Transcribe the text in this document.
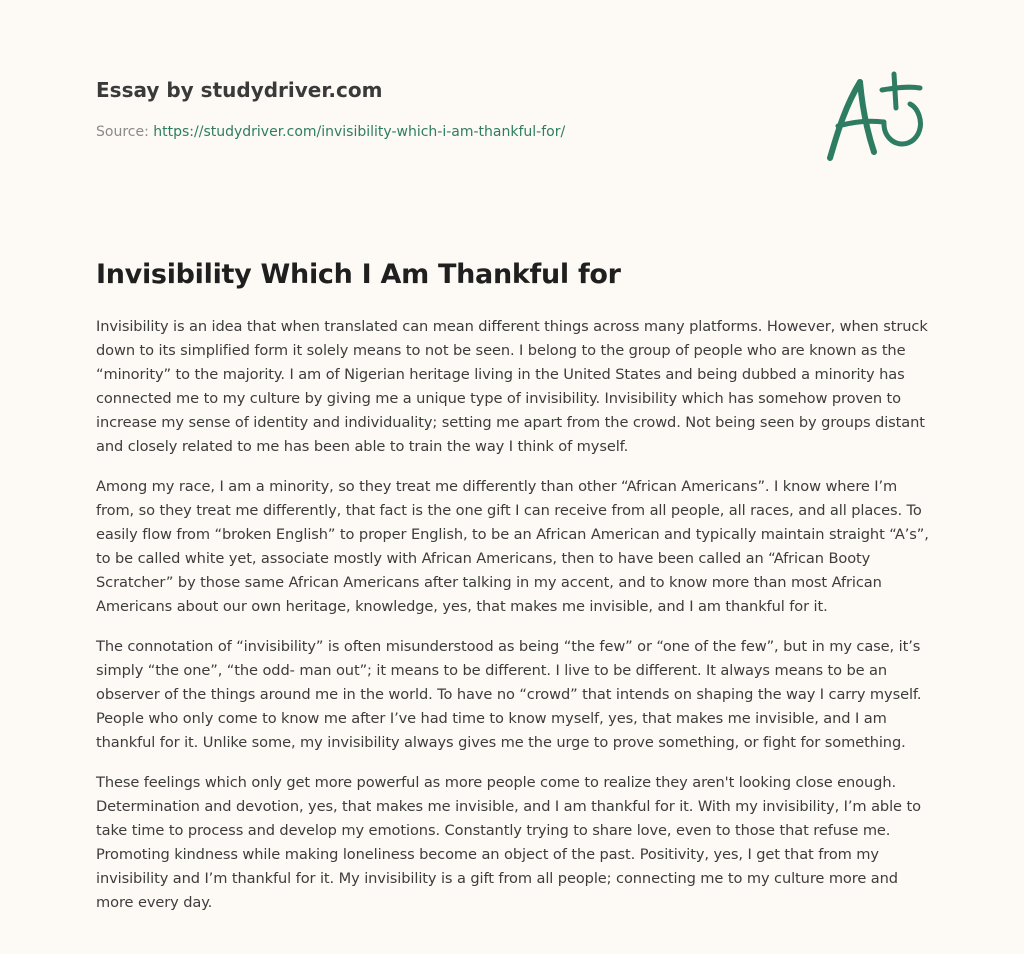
Essay by studydriver.com
Source: https://studydriver.com/invisibility-which-i-am-thankful-for/
Invisibility Which I Am Thankful for

Invisibility is an idea that when translated can mean different things across many platforms. However, when struck down to its simplified form it solely means to not be seen. I belong to the group of people who are known as the “minority” to the majority. I am of Nigerian heritage living in the United States and being dubbed a minority has connected me to my culture by giving me a unique type of invisibility. Invisibility which has somehow proven to increase my sense of identity and individuality; setting me apart from the crowd. Not being seen by groups distant and closely related to me has been able to train the way I think of myself.

Among my race, I am a minority, so they treat me differently than other “African Americans”. I know where I’m from, so they treat me differently, that fact is the one gift I can receive from all people, all races, and all places. To easily flow from “broken English” to proper English, to be an African American and typically maintain straight “A’s”, to be called white yet, associate mostly with African Americans, then to have been called an “African Booty Scratcher” by those same African Americans after talking in my accent, and to know more than most African Americans about our own heritage, knowledge, yes, that makes me invisible, and I am thankful for it.

The connotation of “invisibility” is often misunderstood as being “the few” or “one of the few”, but in my case, it’s simply “the one”, “the odd- man out”; it means to be different. I live to be different. It always means to be an observer of the things around me in the world. To have no “crowd” that intends on shaping the way I carry myself. People who only come to know me after I’ve had time to know myself, yes, that makes me invisible, and I am thankful for it. Unlike some, my invisibility always gives me the urge to prove something, or fight for something.

These feelings which only get more powerful as more people come to realize they aren't looking close enough. Determination and devotion, yes, that makes me invisible, and I am thankful for it. With my invisibility, I’m able to take time to process and develop my emotions. Constantly trying to share love, even to those that refuse me. Promoting kindness while making loneliness become an object of the past. Positivity, yes, I get that from my invisibility and I’m thankful for it. My invisibility is a gift from all people; connecting me to my culture more and more every day.
